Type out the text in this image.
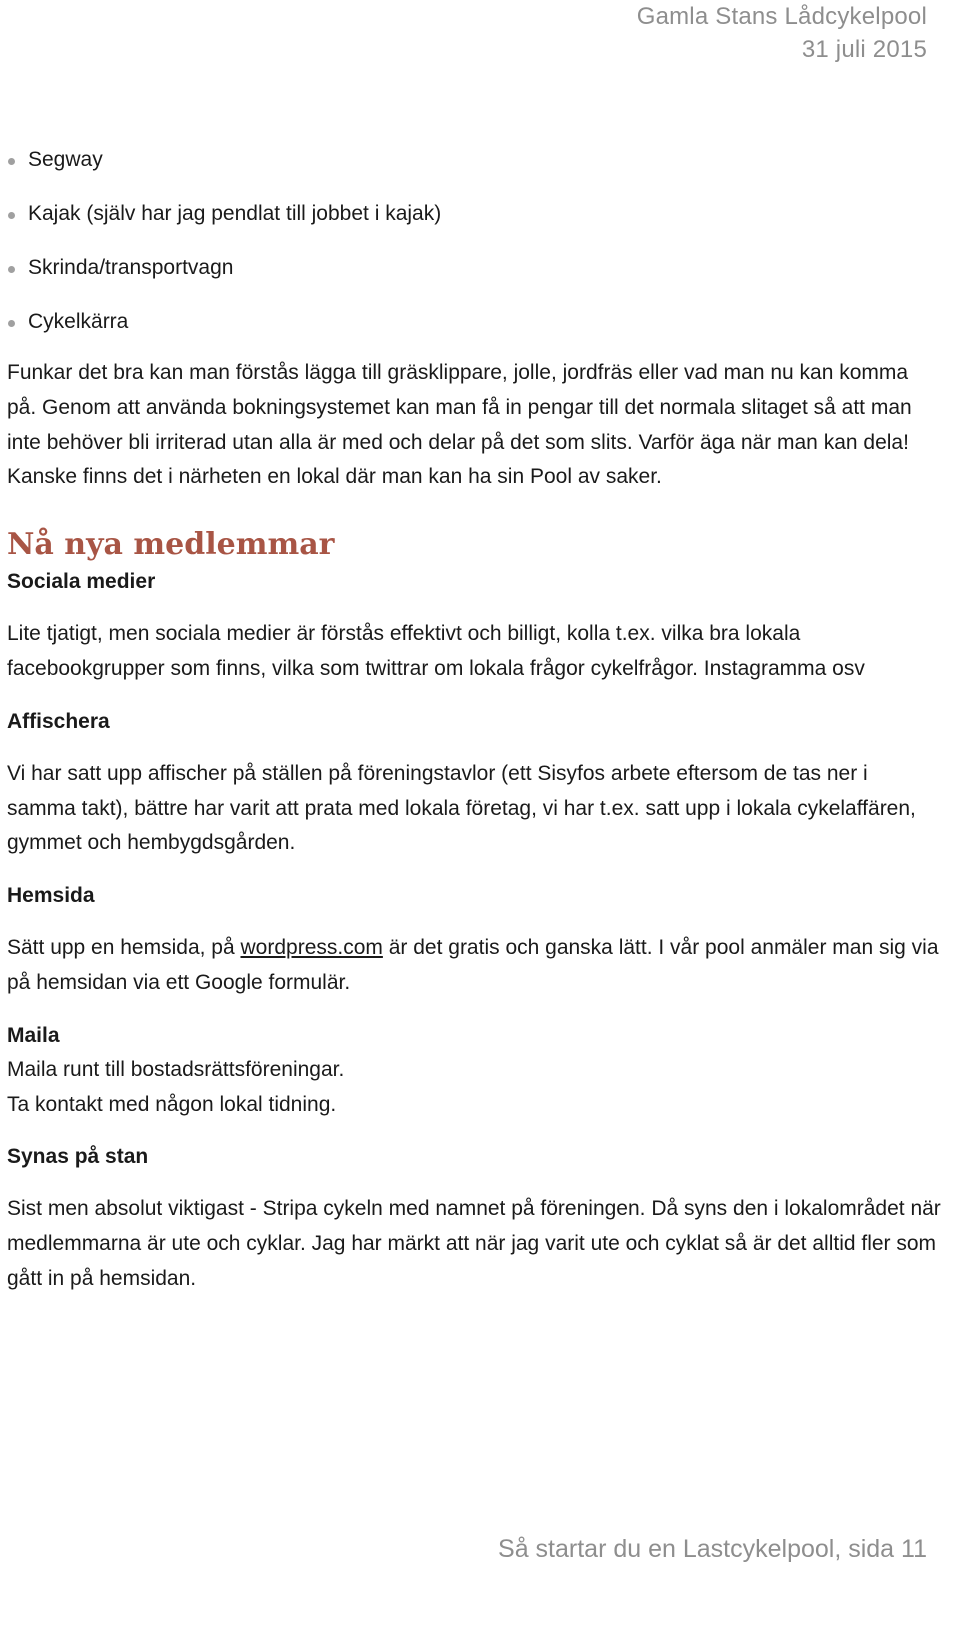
Gamla Stans Lådcykelpool
31 juli 2015
Segway
Kajak (själv har jag pendlat till jobbet i kajak)
Skrinda/transportvagn
Cykelkärra

Funkar det bra kan man förstås lägga till gräsklippare, jolle, jordfräs eller vad man nu kan komma på. Genom att använda bokningsystemet kan man få in pengar till det normala slitaget så att man inte behöver bli irriterad utan alla är med och delar på det som slits. Varför äga när man kan dela! Kanske finns det i närheten en lokal där man kan ha sin Pool av saker.

Nå nya medlemmar
Sociala medier

Lite tjatigt, men sociala medier är förstås effektivt och billigt, kolla t.ex. vilka bra lokala facebookgrupper som finns, vilka som twittrar om lokala frågor cykelfrågor. Instagramma osv

Affischera

Vi har satt upp affischer på ställen på föreningstavlor (ett Sisyfos arbete eftersom de tas ner i samma takt), bättre har varit att prata med lokala företag, vi har t.ex. satt upp i lokala cykelaffären, gymmet och hembygdsgården.

Hemsida

Sätt upp en hemsida, på wordpress.com är det gratis och ganska lätt. I vår pool anmäler man sig via på hemsidan via ett Google formulär.

Maila

Maila runt till bostadsrättsföreningar.

Ta kontakt med någon lokal tidning.

Synas på stan

Sist men absolut viktigast - Stripa cykeln med namnet på föreningen. Då syns den i lokalområdet när medlemmarna är ute och cyklar. Jag har märkt att när jag varit ute och cyklat så är det alltid fler som gått in på hemsidan.

Så startar du en Lastcykelpool, sida 11
